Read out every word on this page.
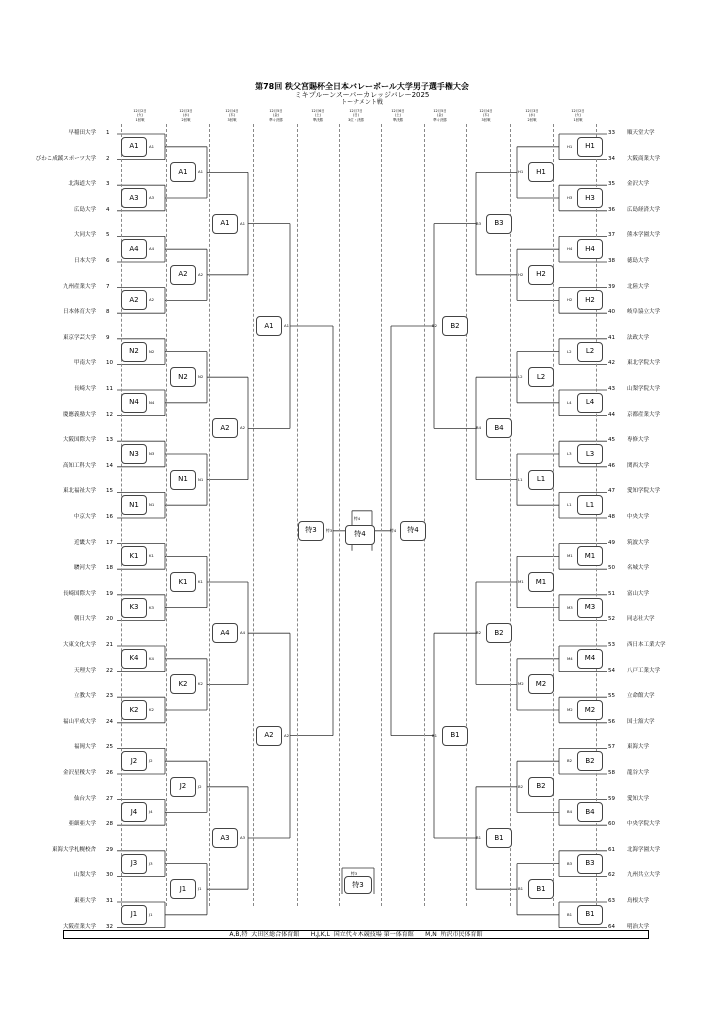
第78回 秩父宮賜杯全日本バレーボール大学男子選手権大会
ミキプルーンスーパーカレッジバレー2025
トーナメント戦
12月2日
(火)
1回戦
12月3日
(水)
2回戦
12月4日
(木)
3回戦
12月5日
(金)
準々決勝
12月6日
(土)
準決勝
12月7日
(日)
3位・決勝
12月5日
(金)
準々決勝
12月4日
(木)
3回戦
12月3日
(水)
2回戦
12月2日
(火)
1回戦
12月6日
(土)
準決勝
早稲田大学 1
びわこ成蹊スポーツ大学 2
北海道大学 3
広島大学 4
大同大学 5
日本大学 6
九州産業大学 7
日本体育大学 8
東京学芸大学 9
甲南大学 10
長崎大学 11
慶應義塾大学 12
大阪国際大学 13
高知工科大学 14
東北福祉大学 15
中京大学 16
近畿大学 17
駿河大学 18
長崎国際大学 19
朝日大学 20
大東文化大学 21
天理大学 22
立教大学 23
福山平成大学 24
福岡大学 25
金沢星稜大学 26
仙台大学 27
亜細亜大学 28
東海大学札幌校舎 29
山梨大学 30
東亜大学 31
大阪産業大学 32
33 順天堂大学
34 大阪商業大学
35 金沢大学
36 広島経済大学
37 熊本学園大学
38 徳島大学
39 北陸大学
40 岐阜協立大学
41 法政大学
42 東北学院大学
43 山梨学院大学
44 京都産業大学
45 専修大学
46 関西大学
47 愛知学院大学
48 中央大学
49 筑波大学
50 名城大学
51 富山大学
52 同志社大学
53 西日本工業大学
54 八戸工業大学
55 立命館大学
56 国士舘大学
57 東海大学
58 龍谷大学
59 愛知大学
60 中央学院大学
61 北海学園大学
62 九州共立大学
63 鳥根大学
64 明治大学
A1	A1
A3	A3
A4	A4
A2	A2
N2	N2
N4	N4
N3	N3
N1	N1
K1	K1
K3	K3
K4	K4
K2	K2
J2	J2
J4	J4
J3	J3
J1	J1
A1	A1
A2	A2
N2	N2
N1	N1
K1	K1
K2	K2
J2	J2
J1	J1
A1	A1
A2	A2
A4	A4
A3	A3
A1	A1
A2	A2
特3	特3
H1
H1
H3
H3
H4
H4
H2
H2
L2
L2
L4
L4
L3
L3
L1
L1
M1
M1
M3
M3
M4
M4
M2
M2
B2
B2
B4
B4
B3
B3
B1
B1
H1
H1
H2
H2
L2
L2
L1
L1
M1
M1
M2
M2
B2
B2
B1
B1
B3
B3
B4
B4
B2
B2
B1
B1
B2
B2
B1
B1
特4
特4
特4
特4
特3
特3
A,B,特  大田区総合体育館      H,J,K,L  国立代々木競技場 第一体育館      M,N  所沢市民体育館
